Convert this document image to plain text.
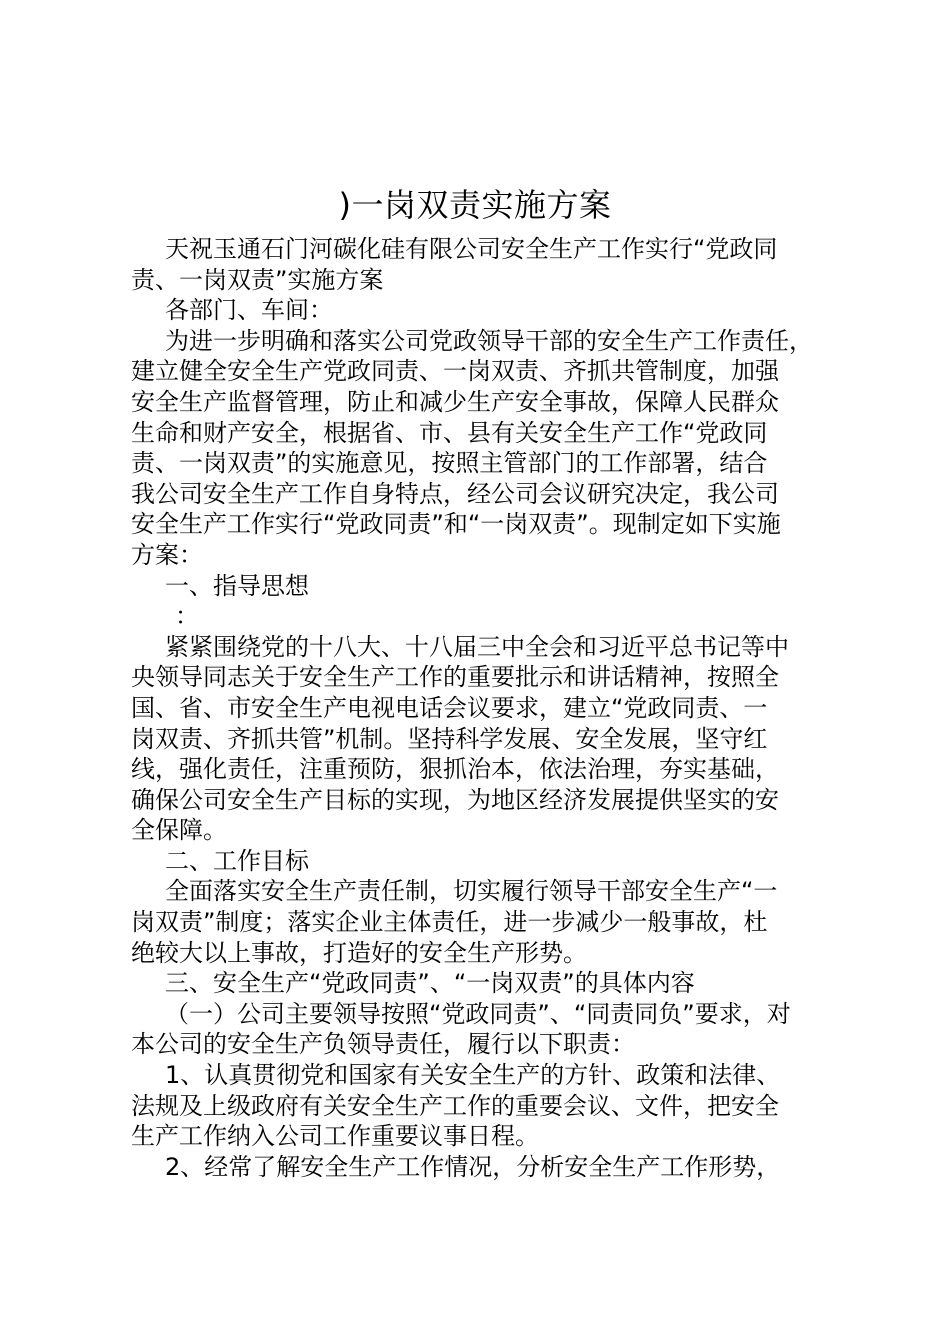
)一岗双责实施方案
天祝玉通石门河碳化硅有限公司安全生产工作实行“党政同
责、一岗双责”实施方案
各部门、车间：
为进一步明确和落实公司党政领导干部的安全生产工作责任，
建立健全安全生产党政同责、一岗双责、齐抓共管制度，加强
安全生产监督管理，防止和减少生产安全事故，保障人民群众
生命和财产安全，根据省、市、县有关安全生产工作“党政同
责、一岗双责”的实施意见，按照主管部门的工作部署，结合
我公司安全生产工作自身特点，经公司会议研究决定，我公司
安全生产工作实行“党政同责”和“一岗双责”。现制定如下实施
方案：
一、指导思想
：
紧紧围绕党的十八大、十八届三中全会和习近平总书记等中
央领导同志关于安全生产工作的重要批示和讲话精神，按照全
国、省、市安全生产电视电话会议要求，建立“党政同责、一
岗双责、齐抓共管”机制。坚持科学发展、安全发展，坚守红
线，强化责任，注重预防，狠抓治本，依法治理，夯实基础，
确保公司安全生产目标的实现，为地区经济发展提供坚实的安
全保障。
二、工作目标
全面落实安全生产责任制，切实履行领导干部安全生产“一
岗双责”制度；落实企业主体责任，进一步减少一般事故，杜
绝较大以上事故，打造好的安全生产形势。
三、安全生产“党政同责”、“一岗双责”的具体内容
（一）公司主要领导按照“党政同责”、“同责同负”要求，对
本公司的安全生产负领导责任，履行以下职责：
1、认真贯彻党和国家有关安全生产的方针、政策和法律、
法规及上级政府有关安全生产工作的重要会议、文件，把安全
生产工作纳入公司工作重要议事日程。
2、经常了解安全生产工作情况，分析安全生产工作形势，
